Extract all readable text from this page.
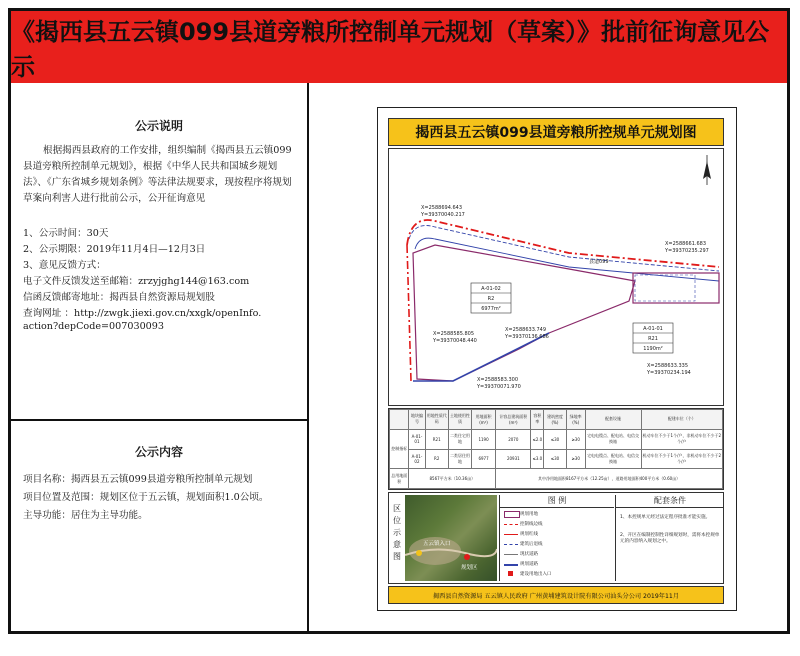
《揭西县五云镇099县道旁粮所控制单元规划（草案）》批前征询意见公示
公示说明
根据揭西县政府的工作安排，组织编制《揭西县五云镇099县道旁粮所控制单元规划》，根据《中华人民共和国城乡规划法》、《广东省城乡规划条例》等法律法规要求，现按程序将规划草案向利害人进行批前公示，公开征询意见
1、公示时间：30天
2、公示期限：2019年11月4日—12月3日
3、意见反馈方式：
电子文件反馈发送至邮箱：zrzyjghg144@163.com
信函反馈邮寄地址：揭西县自然资源局规划股
查询网址 ：http://zwgk.jiexi.gov.cn/xxgk/openInfo.
action?depCode=007030093
公示内容
项目名称：揭西县五云镇099县道旁粮所控制单元规划
项目位置及范围：规划区位于五云镇，规划面积1.0公顷。
主导功能：居住为主导功能。
揭西县五云镇099县道旁粮所控规单元规划图
A-01-02
R2
6977m²
A-01-01
R21
1190m²
县道099
X=2588694.643
Y=39370040.217
X=2588661.683
Y=39370235.297
X=2588585.805
Y=39370048.440
X=2588633.749
Y=39370136.686
X=2588583.300
Y=39370071.970
X=2588633.335
Y=39370234.194
	地块编号	用地性质代码	土地使用性质	用地面积(m²)	计容总建筑面积(m²)	容积率	建筑密度(%)	绿地率(%)	配套设施	配建车位（个）
控制指标	A-01-01	R21	二类住宅用地	1190	2070	≤2.0	≤30	≥30	宅电电缆点、配电站、电信交换箱	机动车位不少于1个/户，非机动车位不少于2个/户
	A-01-02	R2	二类居住用地	6977	20931	≤3.0	≤30	≥30	宅电电缆点、配电站、电信交换箱	机动车位不少于1个/户，非机动车位不少于2个/户
总用地面积	8567平方米（10.36亩）				其中净用地面积8167平方米（12.25亩），道路用地面积400平方米（0.60亩）					
区位示意图
五云镇入口
规划区
图 例
规划用地
控制线边线
规划红线
建筑后退线
现状道路
规划道路
建设用地出入口
配套条件
1、本控规单元经过法定程序批准才能实施。
2、开区在编制控制性详细规划时，需将本控规单元的内容纳入规划之中。
揭西县自然资源局 五云镇人民政府 广州黄埔建筑设计院有限公司汕头分公司 2019年11月
